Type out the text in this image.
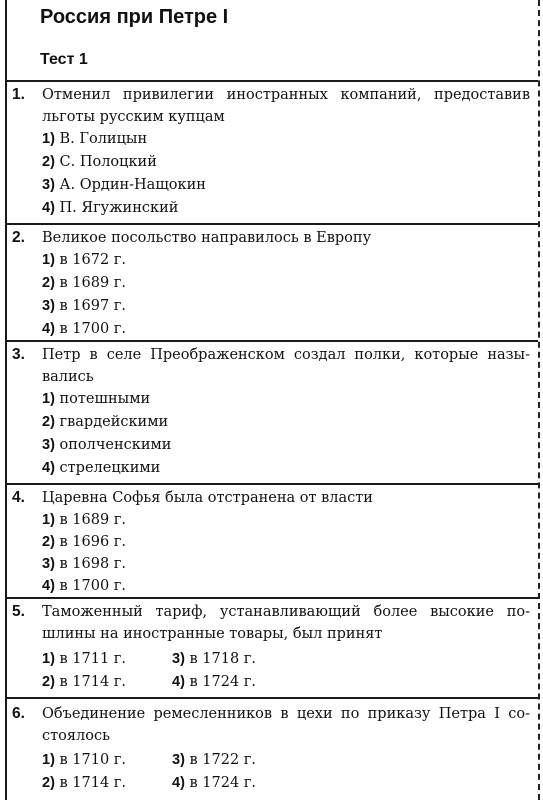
Россия при Петре I
Тест 1
1. Отменил привилегии иностранных компаний, предоставив льготы русским купцам
1) В. Голицын
2) С. Полоцкий
3) А. Ордин-Нащокин
4) П. Ягужинский
2. Великое посольство направилось в Европу
1) в 1672 г.
2) в 1689 г.
3) в 1697 г.
4) в 1700 г.
3. Петр в селе Преображенском создал полки, которые назы-валиcь
1) потешными
2) гвардейскими
3) ополченскими
4) стрелецкими
4. Царевна Софья была отстранена от власти
1) в 1689 г.
2) в 1696 г.
3) в 1698 г.
4) в 1700 г.
5. Таможенный тариф, устанавливающий более высокие по-шлины на иностранные товары, был принят
1) в 1711 г.	3) в 1718 г.
2) в 1714 г.	4) в 1724 г.
6. Объединение ремесленников в цехи по приказу Петра I со-стоялось
1) в 1710 г.	3) в 1722 г.
2) в 1714 г.	4) в 1724 г.
